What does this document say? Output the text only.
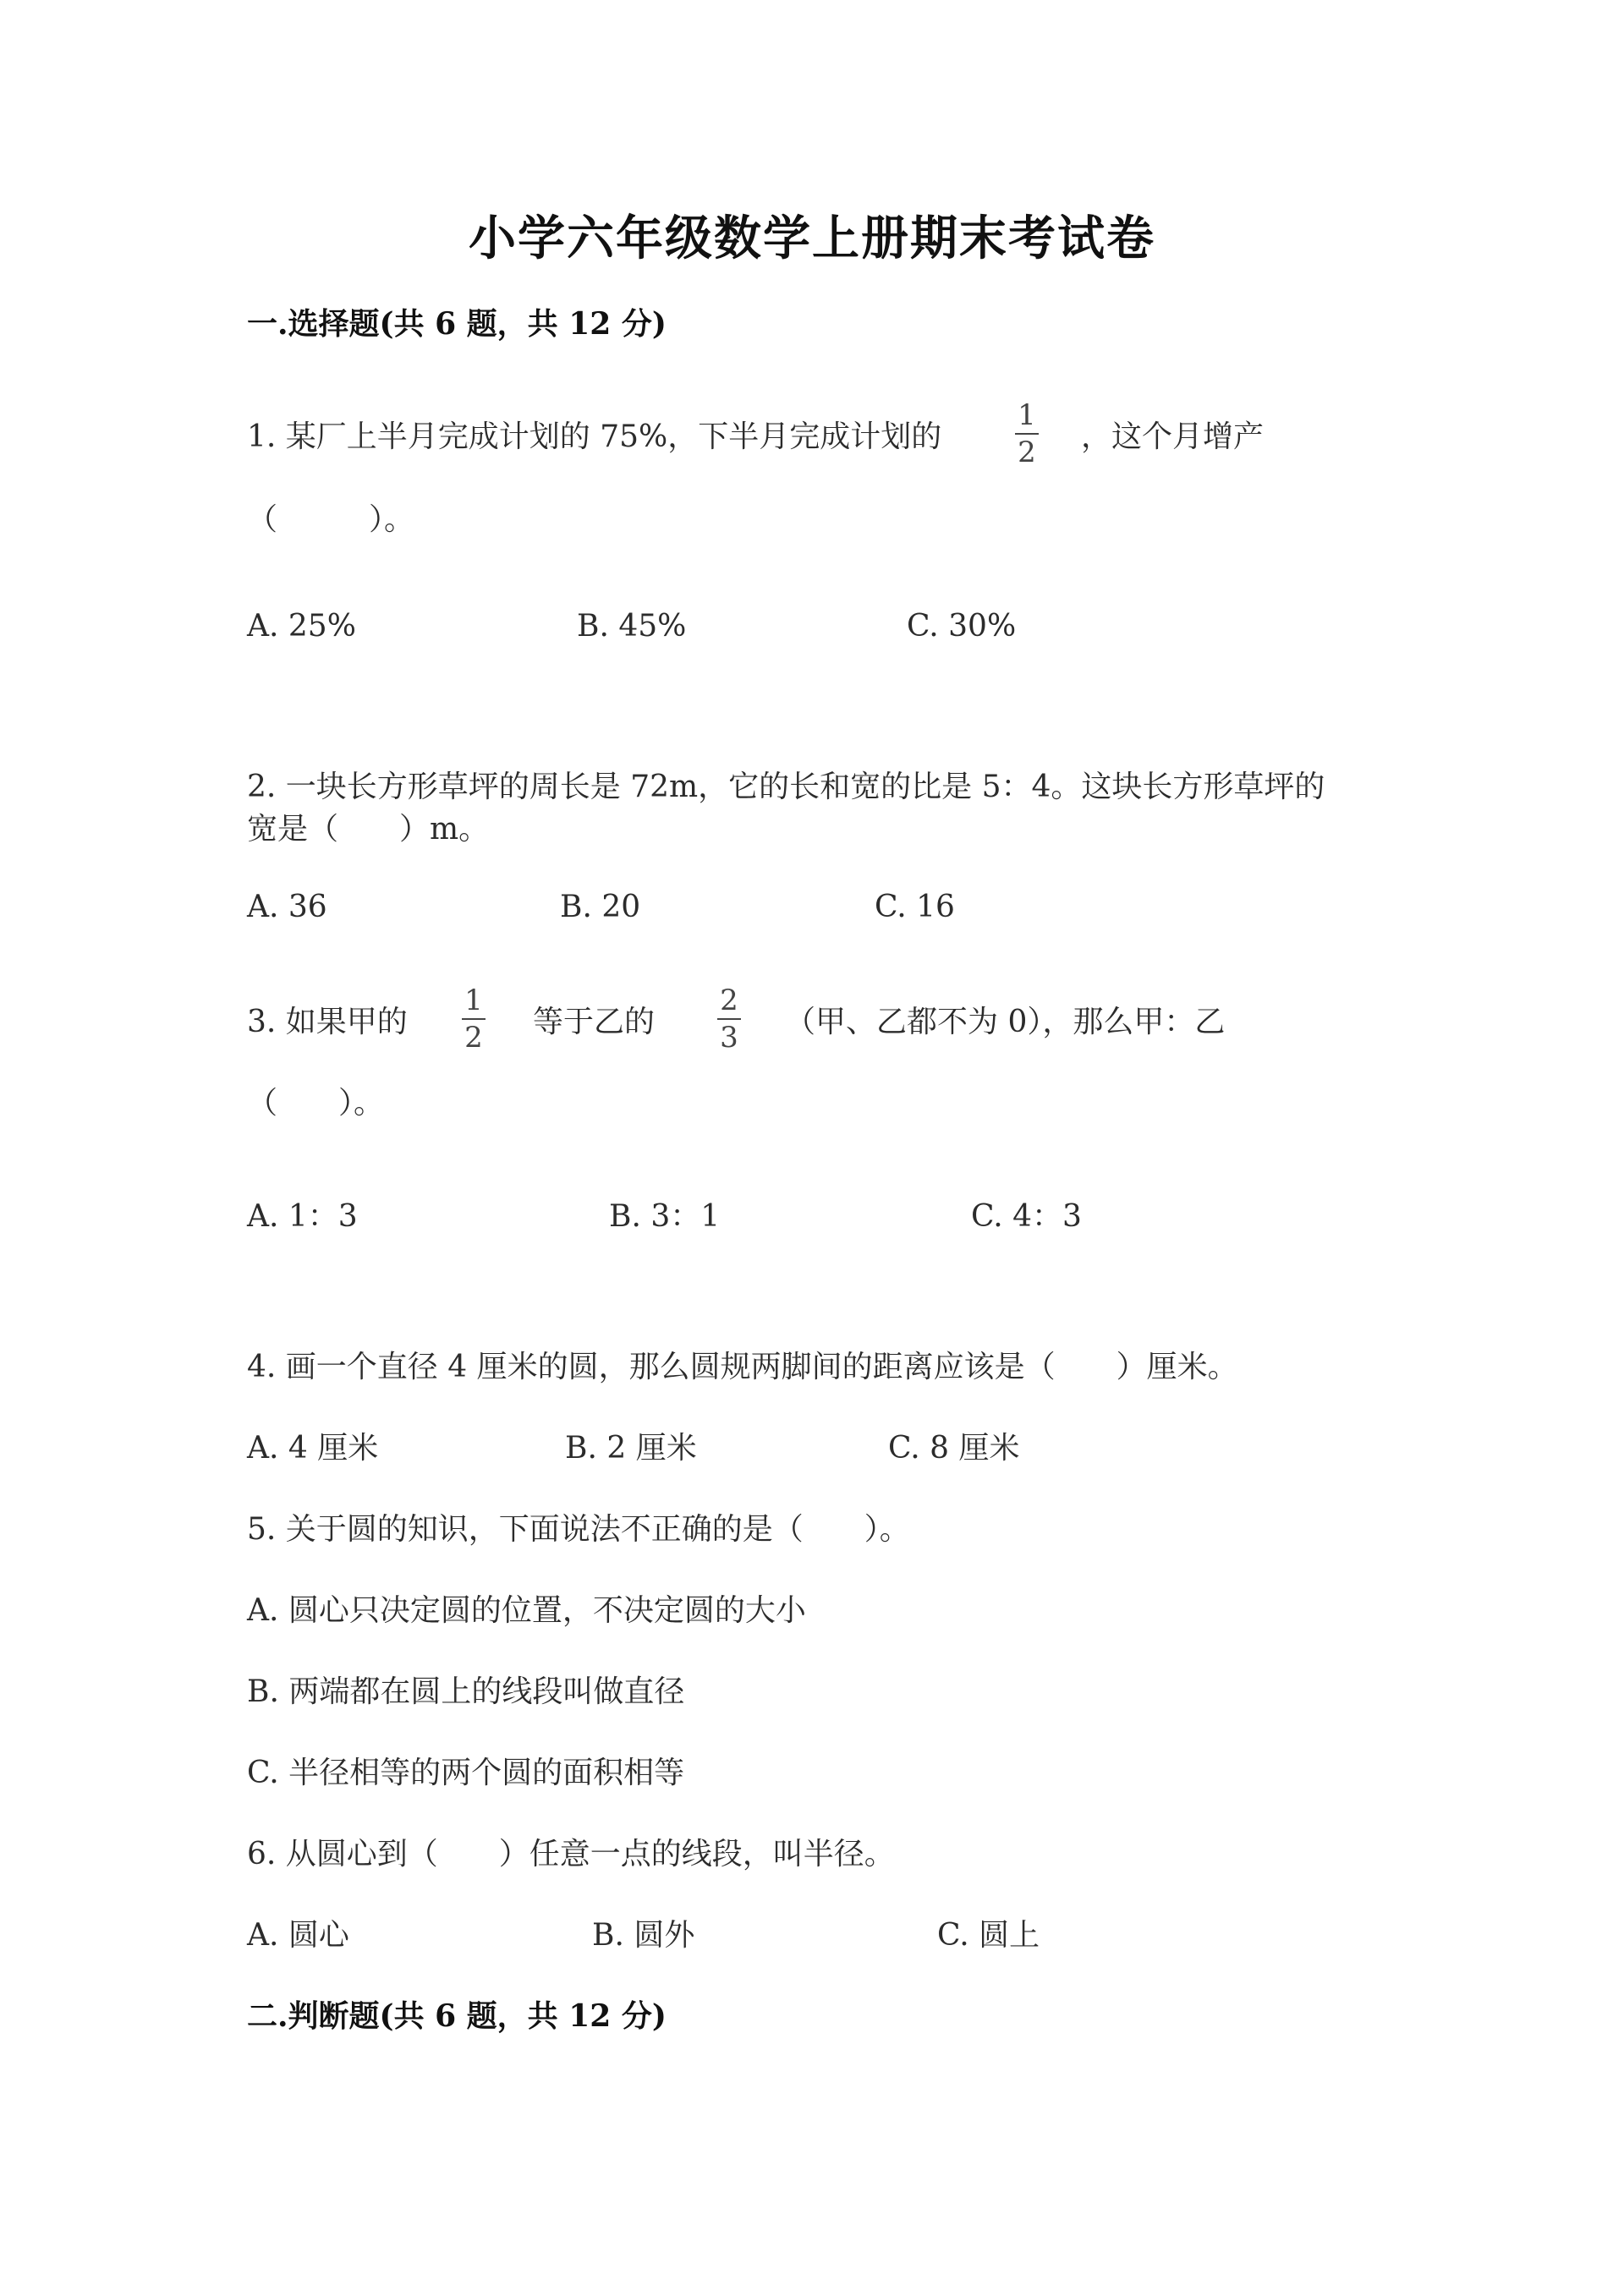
小学六年级数学上册期末考试卷
一.选择题(共 6 题，共 12 分)
1. 某厂上半月完成计划的 75%，下半月完成计划的
1
2 ，这个月增产
（　　　）。
A. 25%	B. 45%	C. 30%
2. 一块长方形草坪的周长是 72m，它的长和宽的比是 5：4。这块长方形草坪的
宽是（　　）m。
A. 36	B. 20	C. 16
3. 如果甲的
1
2 等于乙的
2
3 （甲、乙都不为 0），那么甲：乙
（　　）。
A. 1：3	B. 3：1	C. 4：3
4. 画一个直径 4 厘米的圆，那么圆规两脚间的距离应该是（　　）厘米。
A. 4 厘米	B. 2 厘米	C. 8 厘米
5. 关于圆的知识，下面说法不正确的是（　　）。
A. 圆心只决定圆的位置，不决定圆的大小
B. 两端都在圆上的线段叫做直径
C. 半径相等的两个圆的面积相等
6. 从圆心到（　　）任意一点的线段，叫半径。
A. 圆心	B. 圆外	C. 圆上
二.判断题(共 6 题，共 12 分)
